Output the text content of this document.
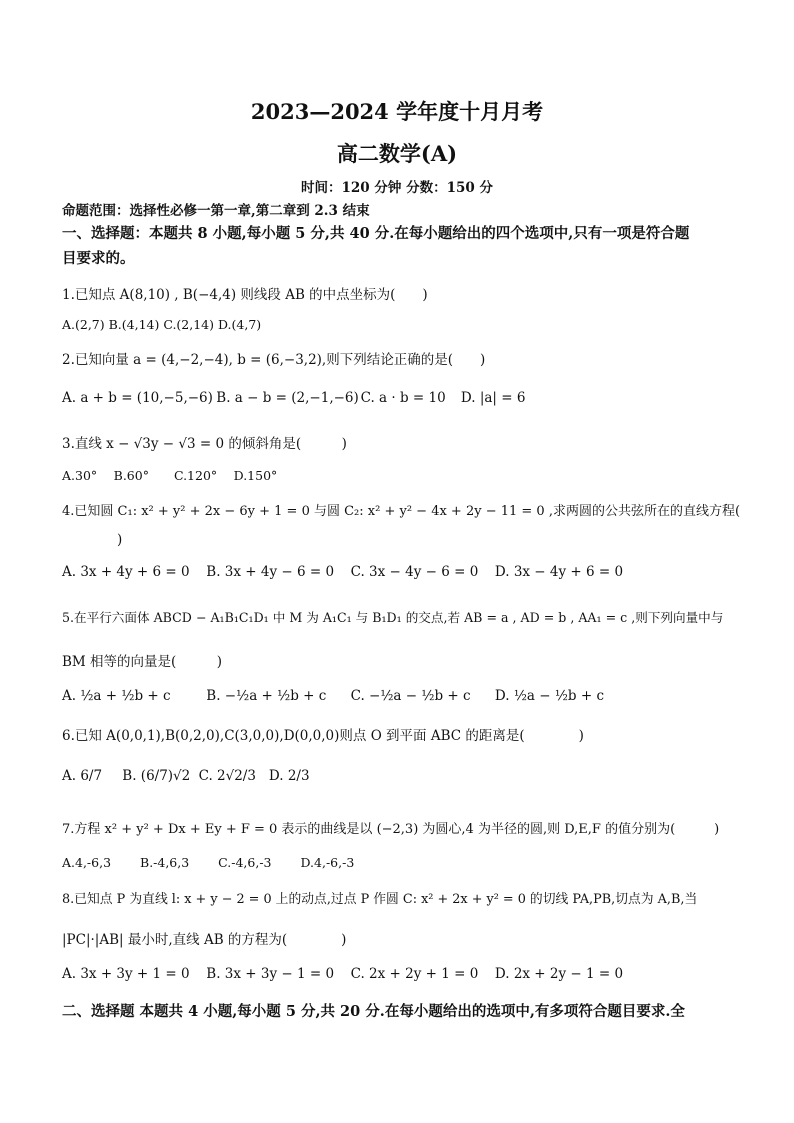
2023—2024 学年度十月月考
高二数学(A)
时间：120 分钟 分数：150 分
命题范围：选择性必修一第一章,第二章到 2.3 结束
一、选择题：本题共 8 小题,每小题 5 分,共 40 分.在每小题给出的四个选项中,只有一项是符合题
目要求的。
1.已知点 A(8,10) , B(−4,4) 则线段 AB 的中点坐标为(　　)
A.(2,7) B.(4,14) C.(2,14) D.(4,7)
2.已知向量 a = (4,−2,−4), b = (6,−3,2),则下列结论正确的是(　　)
A. a + b = (10,−5,−6) B. a − b = (2,−1,−6) C. a · b = 10 D. |a| = 6
3.直线 x − √3y − √3 = 0 的倾斜角是(　　　)
A.30°　 B.60°　　C.120°　 D.150°
4.已知圆 C₁: x² + y² + 2x − 6y + 1 = 0 与圆 C₂: x² + y² − 4x + 2y − 11 = 0 ,求两圆的公共弦所在的直线方程(
)
A. 3x + 4y + 6 = 0 B. 3x + 4y − 6 = 0 C. 3x − 4y − 6 = 0 D. 3x − 4y + 6 = 0
5.在平行六面体 ABCD − A₁B₁C₁D₁ 中 M 为 A₁C₁ 与 B₁D₁ 的交点,若 AB = a , AD = b , AA₁ = c ,则下列向量中与
BM 相等的向量是(　　　)
A. ½a + ½b + c	B. −½a + ½b + c C. −½a − ½b + c D. ½a − ½b + c
6.已知 A(0,0,1),B(0,2,0),C(3,0,0),D(0,0,0)则点 O 到平面 ABC 的距离是(　　　　)
A. 6/7 B. (6/7)√2 C. 2√2/3 D. 2/3
7.方程 x² + y² + Dx + Ey + F = 0 表示的曲线是以 (−2,3) 为圆心,4 为半径的圆,则 D,E,F 的值分别为(　　　)
A.4,-6,3　　 B.-4,6,3　　 C.-4,6,-3　　 D.4,-6,-3
8.已知点 P 为直线 l: x + y − 2 = 0 上的动点,过点 P 作圆 C: x² + 2x + y² = 0 的切线 PA,PB,切点为 A,B,当
|PC|·|AB| 最小时,直线 AB 的方程为(　　　　)
A. 3x + 3y + 1 = 0 B. 3x + 3y − 1 = 0 C. 2x + 2y + 1 = 0 D. 2x + 2y − 1 = 0
二、选择题 本题共 4 小题,每小题 5 分,共 20 分.在每小题给出的选项中,有多项符合题目要求.全
